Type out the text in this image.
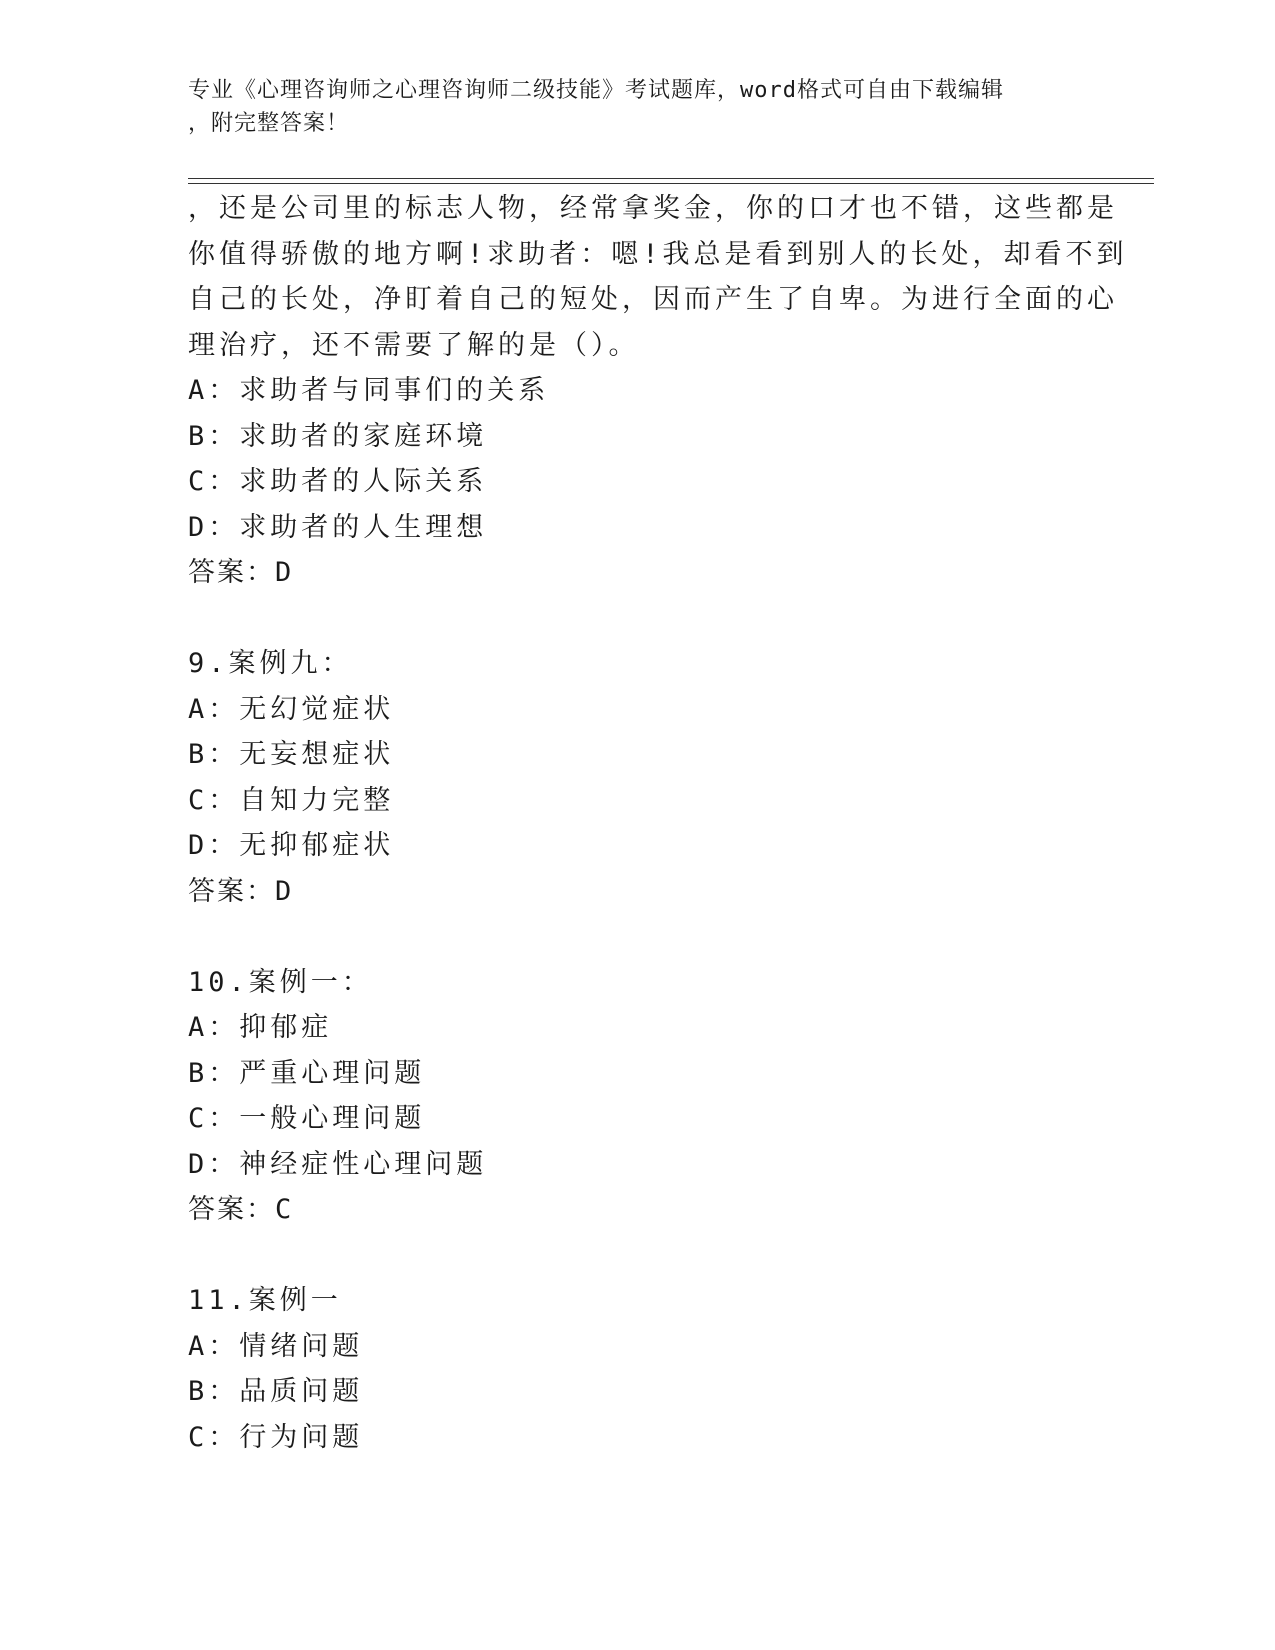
专业《心理咨询师之心理咨询师二级技能》考试题库，word格式可自由下载编辑
，附完整答案！
，还是公司里的标志人物，经常拿奖金，你的口才也不错，这些都是
你值得骄傲的地方啊!求助者：嗯!我总是看到别人的长处，却看不到
自己的长处，净盯着自己的短处，因而产生了自卑。为进行全面的心
理治疗，还不需要了解的是（）。
A：求助者与同事们的关系
B：求助者的家庭环境
C：求助者的人际关系
D：求助者的人生理想
答案：D
9.案例九：
A：无幻觉症状
B：无妄想症状
C：自知力完整
D：无抑郁症状
答案：D
10.案例一：
A：抑郁症
B：严重心理问题
C：一般心理问题
D：神经症性心理问题
答案：C
11.案例一
A：情绪问题
B：品质问题
C：行为问题
